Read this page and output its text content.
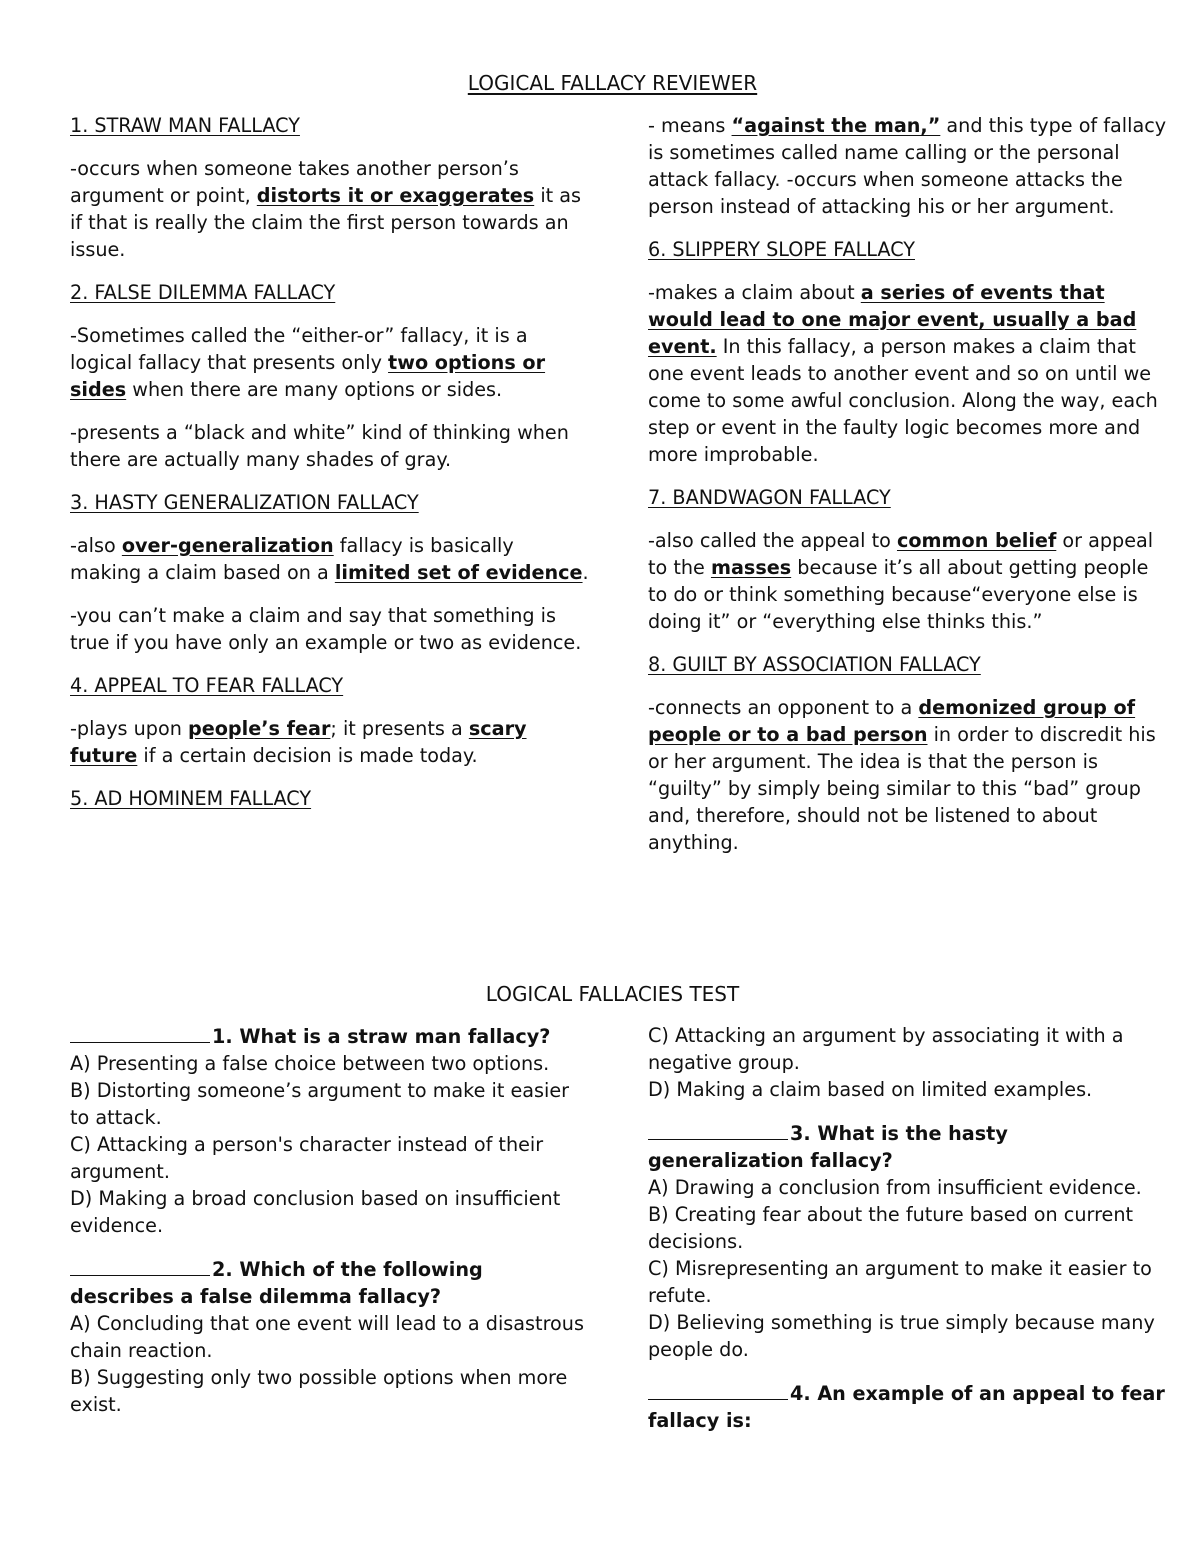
LOGICAL FALLACY REVIEWER
1. STRAW MAN FALLACY

-occurs when someone takes another person’s argument or point, distorts it or exaggerates it as if that is really the claim the first person towards an issue.

2. FALSE DILEMMA FALLACY

-Sometimes called the “either-or” fallacy, it is a logical fallacy that presents only two options or sides when there are many options or sides.

-presents a “black and white” kind of thinking when there are actually many shades of gray.

3. HASTY GENERALIZATION FALLACY

-also over-generalization fallacy is basically making a claim based on a limited set of evidence.

-you can’t make a claim and say that something is true if you have only an example or two as evidence.

4. APPEAL TO FEAR FALLACY

-plays upon people’s fear; it presents a scary future if a certain decision is made today.

5. AD HOMINEM FALLACY

- means “against the man,” and this type of fallacy is sometimes called name calling or the personal attack fallacy. -occurs when someone attacks the person instead of attacking his or her argument.

6. SLIPPERY SLOPE FALLACY

-makes a claim about a series of events that would lead to one major event, usually a bad event. In this fallacy, a person makes a claim that one event leads to another event and so on until we come to some awful conclusion. Along the way, each step or event in the faulty logic becomes more and more improbable.

7. BANDWAGON FALLACY

-also called the appeal to common belief or appeal to the masses because it’s all about getting people to do or think something because“everyone else is doing it” or “everything else thinks this.”

8. GUILT BY ASSOCIATION FALLACY

-connects an opponent to a demonized group of people or to a bad person in order to discredit his or her argument. The idea is that the person is “guilty” by simply being similar to this “bad” group and, therefore, should not be listened to about anything.

LOGICAL FALLACIES TEST
1. What is a straw man fallacy?
A) Presenting a false choice between two options.
B) Distorting someone’s argument to make it easier to attack.
C) Attacking a person's character instead of their argument.
D) Making a broad conclusion based on insufficient evidence.
2. Which of the following describes a false dilemma fallacy?
A) Concluding that one event will lead to a disastrous chain reaction.
B) Suggesting only two possible options when more exist.
C) Attacking an argument by associating it with a negative group.
D) Making a claim based on limited examples.
3. What is the hasty generalization fallacy?
A) Drawing a conclusion from insufficient evidence.
B) Creating fear about the future based on current decisions.
C) Misrepresenting an argument to make it easier to refute.
D) Believing something is true simply because many people do.
4. An example of an appeal to fear fallacy is:
